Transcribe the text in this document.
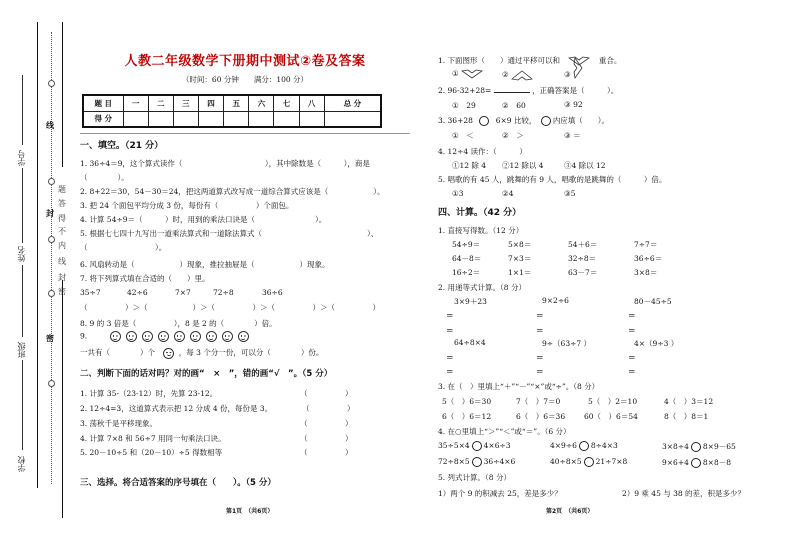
线
封
密
题
答
得
不
内
线
封
密
学号
姓名
班级
学校
人教二年级数学下册期中测试②卷及答案
（时间：60 分钟　　满分：100 分）
题 目	一	二	三	四	五	六	七	八	总 分
得 分									
一、填空。（21 分）
1. 36÷4＝9，这个算式读作（　　　　　　　　　　　），其中除数是（　　　），商是
（　　　　）。
2. 8+22＝30，54－30＝24，把这两道算式改写成一道综合算式应该是（　　　　　　）。
3. 把 24 个面包平均分成 3 份，每份有（　　　　　）个面包。
4. 计算 54÷9＝（　　　）时，用到的乘法口诀是（　　　　　　　　）。
5. 根据七七四十九写出一道乘法算式和一道除法算式（　　　　　　　　　　　　　　）、
（　　　　　　　　　）。
6. 风扇转动是（　　　　　　）现象，推拉抽屉是（　　　　　　）现象。
7. 将下列算式填在合适的（　　）里。
35÷7	42÷6	7×7	72÷8	36÷6
（　　　　　）＞（　　　　　　）＞（　　　　　）＞（　　　　　）＞（　　　　　）
8. 9 的 3 倍是（　　　　　），8 是 2 的（　　　　）倍。
9.
一共有（　　　　）个	，每 3 个分一份，可以分（　　　　）份。
二、判断下面的话对吗？对的画“　×　”，错的画“√　”。（5 分）
1. 计算 35-（23-12）时，先算 23-12。	（　　　　　）
2. 12÷4=3，这道算式表示把 12 分成 4 份，每份是 3。	（　　　　　）
3. 荡秋千是平移现象。	（　　　　　）
4. 计算 7×8 和 56÷7 用同一句乘法口诀。	（　　　　　）
5. 20－10÷5 和（20－10）÷5 得数相等	（　　　　　）
三、选择。将合适答案的序号填在（　　）。（5 分）
第1页　（共6页）
1. 下面图形（　　）通过平移可以和	重合。
①	②	③
2. 96-32+28=	，正确答案是（　　　）。
①　29	②　60	③ 92
3. 36+28	6×9 比较， 内应填（　　）。
①　＜	②　＞	③ ＝
4. 12÷4 读作：（　　　）
①12 除 4 ②12 除以 4	③4 除以 12
5. 唱歌的有 45 人，跳舞的有 9 人，唱歌的是跳舞的（　　　）倍。
①3	②4	③5
四、计算。（42 分）
1. 直接写得数。（12 分）
54÷9＝	5×8＝	54＋6＝	7÷7＝
64－8＝	7×3＝	32÷8＝	36÷6＝
16÷2＝	1×1＝	63－7＝	3×8＝
2. 用递等式计算。（8 分）
3×9＋23	9×2÷6	80－45÷5
＝	＝	＝
＝	＝	＝
64÷8×4	9÷（63÷7 ）	4×（9÷3 ）
＝	＝	＝
＝	＝	＝
3. 在（　）里填上“＋”“－”“×”或“÷”。（8 分）
5（　）6＝30	7（　）7＝0	5（　）2＝10	4（　）3＝12
6（　）6＝12	6（　）6＝36	60（　）6＝54	8（　）8＝1
4. 在○里填上“＞”“＜”或“＝”。（6 分）
35÷5×4 4×6÷3	4×9÷6 8÷4×3	3×8÷4 8×9－65
72÷8×5 36÷4×6	40÷8×5 21÷7×8	9×6+4 8×8－8
5. 列式计算。（8 分）
1）两个 9 的积减去 25，差是多少？	2）9 乘 45 与 38 的差，积是多少？
第2页　（共6页）
